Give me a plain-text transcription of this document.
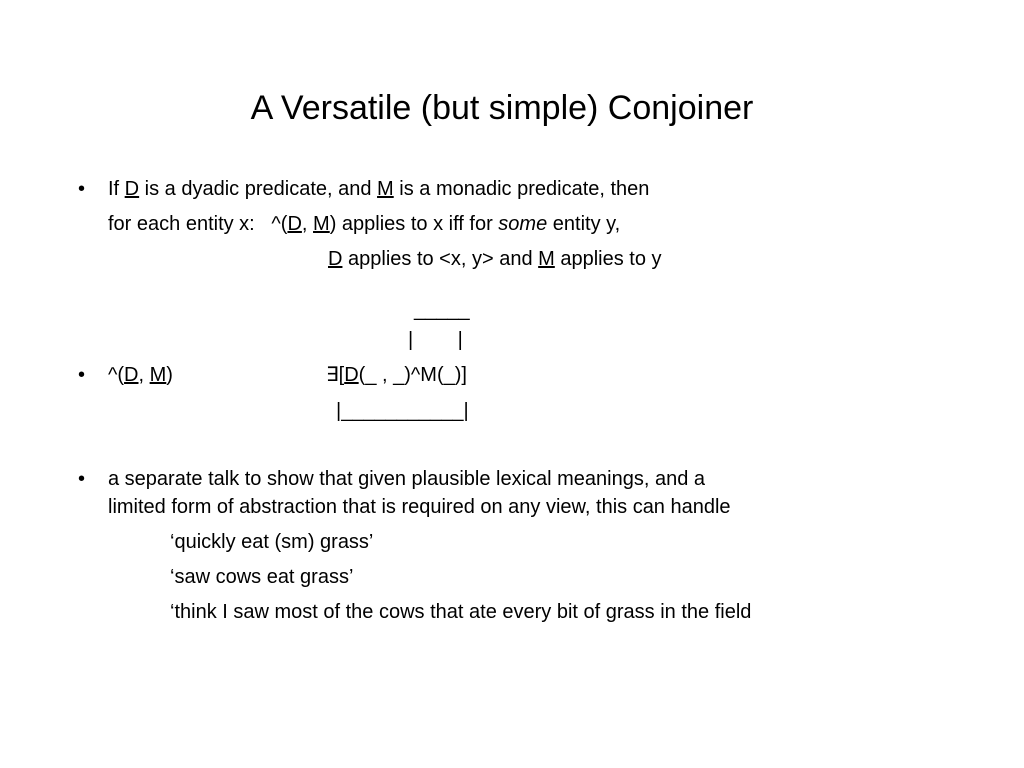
A Versatile (but simple) Conjoiner
• If D is a dyadic predicate, and M is a monadic predicate, then
for each entity x:   ^(D, M) applies to x iff for some entity y,
D applies to <x, y> and M applies to y
_____
|        |
• ^(D, M)	∃[D(_ , _)^M(_)]
|___________|
• a separate talk to show that given plausible lexical meanings, and a
limited form of abstraction that is required on any view, this can handle
‘quickly eat (sm) grass’
‘saw cows eat grass’
‘think I saw most of the cows that ate every bit of grass in the field
